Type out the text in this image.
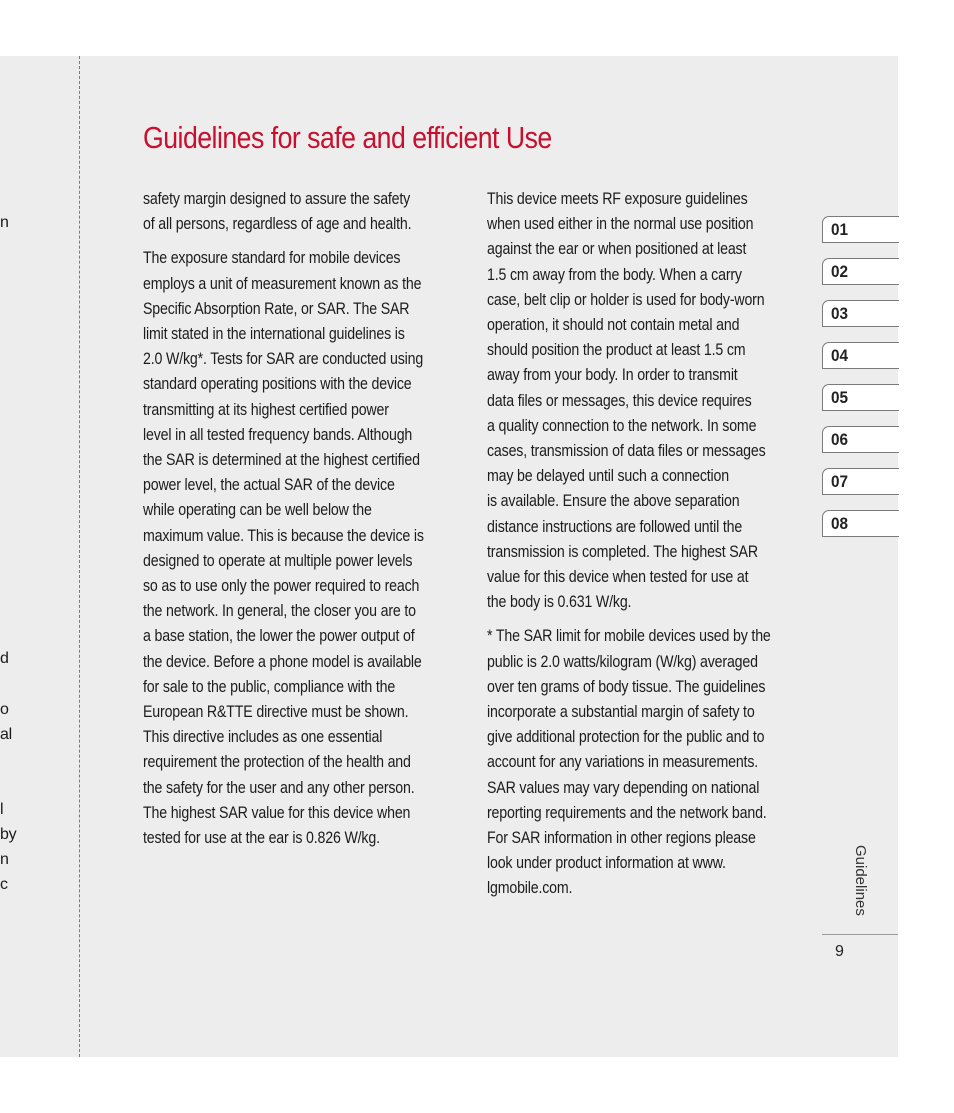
n
d
o
al
l
by
n
c
Guidelines for safe and efficient Use

safety margin designed to assure the safety
of all persons, regardless of age and health.

The exposure standard for mobile devices
employs a unit of measurement known as the
Specific Absorption Rate, or SAR. The SAR
limit stated in the international guidelines is
2.0 W/kg*. Tests for SAR are conducted using
standard operating positions with the device
transmitting at its highest certified power
level in all tested frequency bands. Although
the SAR is determined at the highest certified
power level, the actual SAR of the device
while operating can be well below the
maximum value. This is because the device is
designed to operate at multiple power levels
so as to use only the power required to reach
the network. In general, the closer you are to
a base station, the lower the power output of
the device. Before a phone model is available
for sale to the public, compliance with the
European R&TTE directive must be shown.
This directive includes as one essential
requirement the protection of the health and
the safety for the user and any other person.
The highest SAR value for this device when
tested for use at the ear is 0.826 W/kg.

This device meets RF exposure guidelines
when used either in the normal use position
against the ear or when positioned at least
1.5 cm away from the body. When a carry
case, belt clip or holder is used for body-worn
operation, it should not contain metal and
should position the product at least 1.5 cm
away from your body. In order to transmit
data files or messages, this device requires
a quality connection to the network. In some
cases, transmission of data files or messages
may be delayed until such a connection
is available. Ensure the above separation
distance instructions are followed until the
transmission is completed. The highest SAR
value for this device when tested for use at
the body is 0.631 W/kg.

* The SAR limit for mobile devices used by the
public is 2.0 watts/kilogram (W/kg) averaged
over ten grams of body tissue. The guidelines
incorporate a substantial margin of safety to
give additional protection for the public and to
account for any variations in measurements.
SAR values may vary depending on national
reporting requirements and the network band.
For SAR information in other regions please
look under product information at www.
lgmobile.com.

01
02
03
04
05
06
07
08
Guidelines
9
